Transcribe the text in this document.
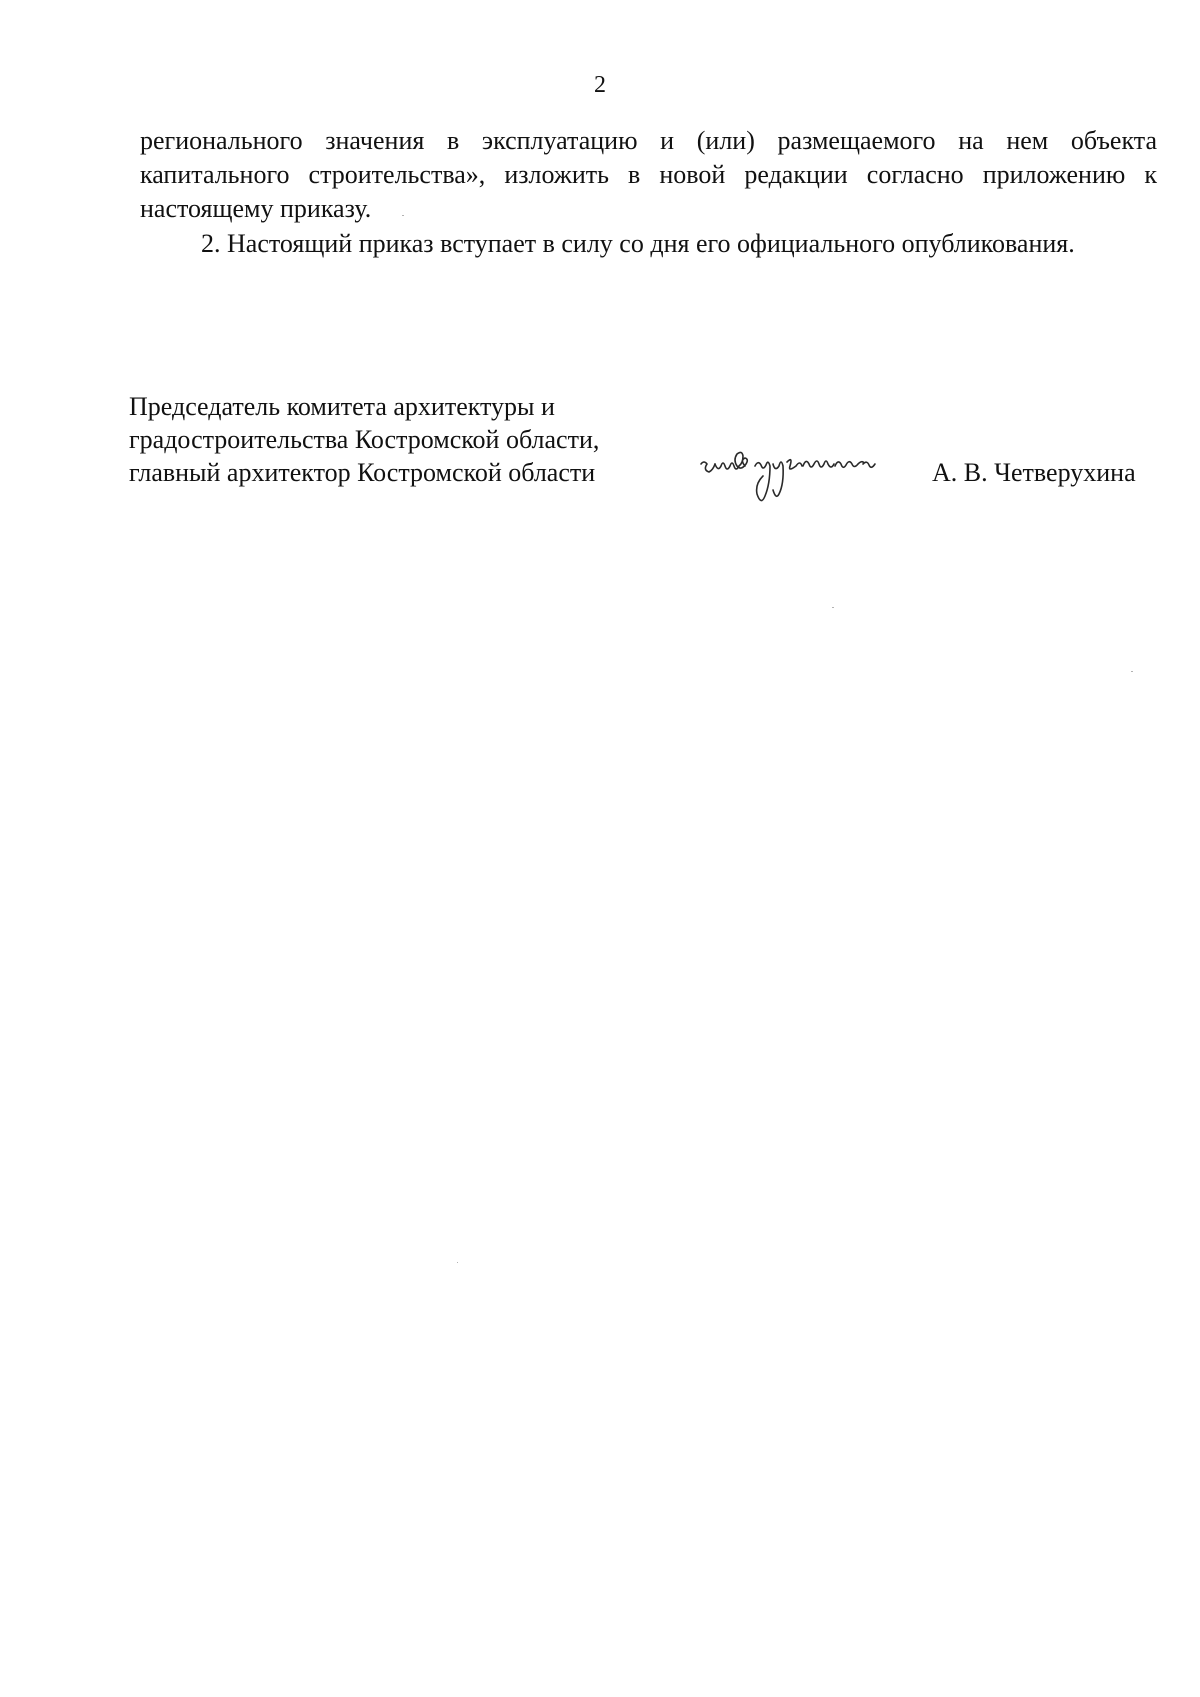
2

регионального значения в эксплуатацию и (или) размещаемого на нем объекта капитального строительства», изложить в новой редакции согласно приложению к настоящему приказу.

2. Настоящий приказ вступает в силу со дня его официального опубликования.

Председатель комитета архитектуры и
градостроительства Костромской области,
главный архитектор Костромской области	А. В. Четверухина
